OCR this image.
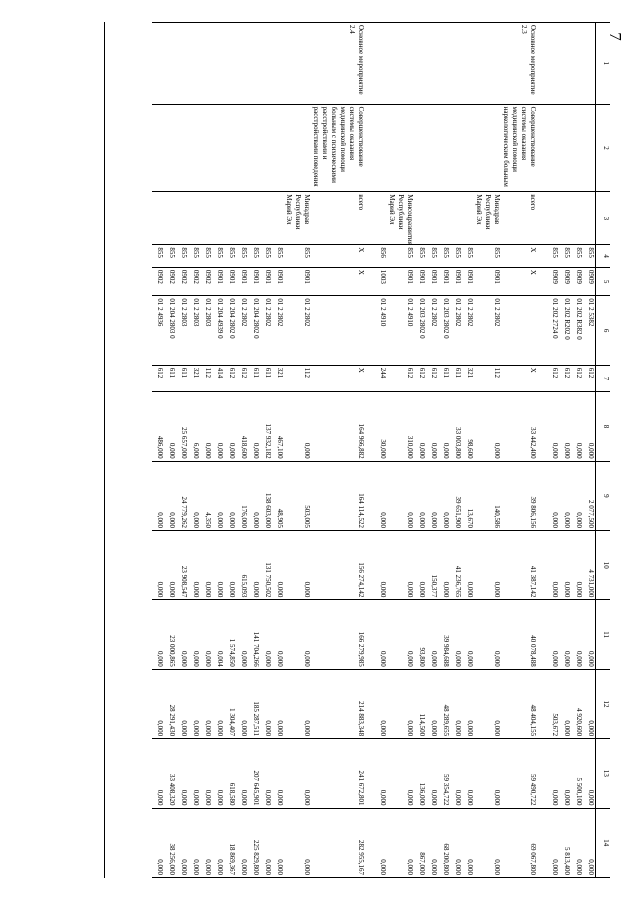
7
1	2	3	4	5	6	7	8	9	10	11	12	13	14
			855	0909	01 2 5382	612	0,000	2 077,500	4 731,000	0,000	0,000	0,000	0,000
			855	0909	01 202 R382 0	612	0,000	0,000	0,000	0,000	4 920,600	5 500,100	0,000
			855	0909	01 202 R202 0	612	0,000	0,000	0,000	0,000	0,000	0,000	5 813,400
			855	0909	01 202 2724 0	612	0,000	0,000	0,000	0,000	503,672	0,000	0,000

Основное мероприятие 2.3	Совершенствование системы оказания медицинской помощи наркологическим больным	всего	Х	Х		Х	33 442,400	39 806,156	41 387,142	40 078,488	48 404,155	59 490,722	69 067,800
		Минздрав Республики Марий Эл	855	0901	01 2 2802	112	0,000	140,586	0,000	0,000	0,000	0,000	0,000
			855	0901	01 2 2802	321	98,600	13,670	0,000	0,000	0,000	0,000	0,000
			855	0901	01 2 2802	611	33 003,800	39 651,900	41 236,765	0,000	0,000	0,000	0,000
			855	0901	01 203 2802 0	611	0,000	0,000	0,000	39 984,688	48 289,655	59 354,722	68 200,800
			855	0901	01 2 2802	612	0,000	0,000	150,377	0,000	0,000	0,000	0,000
			855	0901	01 203 2802 0	612	0,000	0,000	0,000	93,800	114,500	136,000	867,000
		Минсоцразвития Республики Марий Эл	855	0901	01 2 4910	612	310,000	0,000	0,000	0,000	0,000	0,000	0,000
			856	1003	01 2 4910	244	30,000	0,000	0,000	0,000	0,000	0,000	0,000

Основное мероприятие 2.4	Совершенствование системы оказания медицинской помощи больным с психическими расстройствами и расстройствами поведения	всего	Х	Х		Х	164 966,882	164 114,522	156 274,142	166 279,985	214 883,348	241 672,801	282 955,167
		Минздрав Республики Марий Эл	855	0901	01 2 2802	112	0,000	503,005	0,000	0,000	0,000	0,000	0,000
			855	0901	01 2 2802	321	467,100	48,905	0,000	0,000	0,000	0,000	0,000
			855	0901	01 2 2802	611	137 932,182	138 603,000	131 750,502	0,000	0,000	0,000	0,000
			855	0901	01 204 2802 0	611	0,000	0,000	0,000	141 704,266	185 287,511	207 645,901	225 829,800
			855	0901	01 2 2802	612	418,600	176,000	615,093	0,000	0,000	0,000	0,000
			855	0901	01 204 2802 0	612	0,000	0,000	0,000	1 574,850	1 304,407	618,580	18 869,367
			855	0901	01 204 4939 0	414	0,000	0,000	0,000	0,004	0,000	0,000	0,000
			855	0902	01 2 2803	112	0,000	4,350	0,000	0,000	0,000	0,000	0,000
			855	0902	01 2 2803	321	6,000	0,000	0,000	0,000	0,000	0,000	0,000
			855	0902	01 2 2803	611	25 657,000	24 779,262	23 908,547	0,000	0,000	0,000	0,000
			855	0902	01 204 2803 0	611	0,000	0,000	0,000	23 000,865	28 291,430	33 408,320	38 256,000
			855	0902	01 2 4936	612	486,000	0,000	0,000	0,000	0,000	0,000	0,000
